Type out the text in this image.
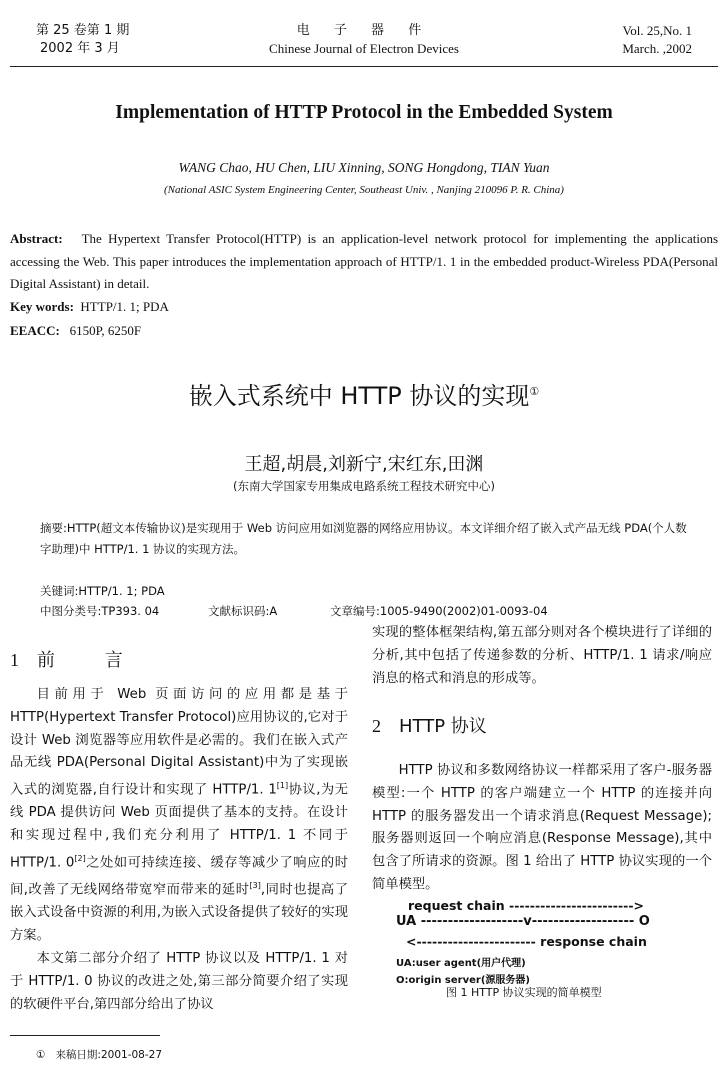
第 25 卷第 1 期
2002 年 3 月
电 子 器 件
Chinese Journal of Electron Devices
Vol. 25,No. 1
March. ,2002
Implementation of HTTP Protocol in the Embedded System
WANG Chao, HU Chen, LIU Xinning, SONG Hongdong, TIAN Yuan
(National ASIC System Engineering Center, Southeast Univ. , Nanjing 210096 P. R. China)
Abstract: The Hypertext Transfer Protocol(HTTP) is an application-level network protocol for implementing the applications accessing the Web. This paper introduces the implementation approach of HTTP/1. 1 in the embedded product-Wireless PDA(Personal Digital Assistant) in detail.
Key words: HTTP/1. 1; PDA
EEACC: 6150P, 6250F
嵌入式系统中 HTTP 协议的实现①
王超,胡晨,刘新宁,宋红东,田渊
(东南大学国家专用集成电路系统工程技术研究中心)
摘要:HTTP(超文本传输协议)是实现用于 Web 访问应用如浏览器的网络应用协议。本文详细介绍了嵌入式产品无线 PDA(个人数字助理)中 HTTP/1. 1 协议的实现方法。
关键词:HTTP/1. 1; PDA
中图分类号:TP393. 04	文献标识码:A	文章编号:1005-9490(2002)01-0093-04
1 前 言

目前用于 Web 页面访问的应用都是基于 HTTP(Hypertext Transfer Protocol)应用协议的,它对于设计 Web 浏览器等应用软件是必需的。我们在嵌入式产品无线 PDA(Personal Digital Assistant)中为了实现嵌入式的浏览器,自行设计和实现了 HTTP/1. 1[1]协议,为无线 PDA 提供访问 Web 页面提供了基本的支持。在设计和实现过程中,我们充分利用了 HTTP/1. 1 不同于 HTTP/1. 0[2]之处如可持续连接、缓存等减少了响应的时间,改善了无线网络带宽窄而带来的延时[3],同时也提高了嵌入式设备中资源的利用,为嵌入式设备提供了较好的实现方案。

本文第二部分介绍了 HTTP 协议以及 HTTP/1. 1 对于 HTTP/1. 0 协议的改进之处,第三部分简要介绍了实现的软硬件平台,第四部分给出了协议

实现的整体框架结构,第五部分则对各个模块进行了详细的分析,其中包括了传递参数的分析、HTTP/1. 1 请求/响应消息的格式和消息的形成等。
2 HTTP 协议

HTTP 协议和多数网络协议一样都采用了客户-服务器模型:一个 HTTP 的客户端建立一个 HTTP 的连接并向 HTTP 的服务器发出一个请求消息(Request Message);服务器则返回一个响应消息(Response Message),其中包含了所请求的资源。图 1 给出了 HTTP 协议实现的一个简单模型。

request chain ------------------------>
UA -------------------v------------------- O
<----------------------- response chain
UA:user agent(用户代理)
O:origin server(源服务器)
图 1 HTTP 协议实现的简单模型
① 来稿日期:2001-08-27
